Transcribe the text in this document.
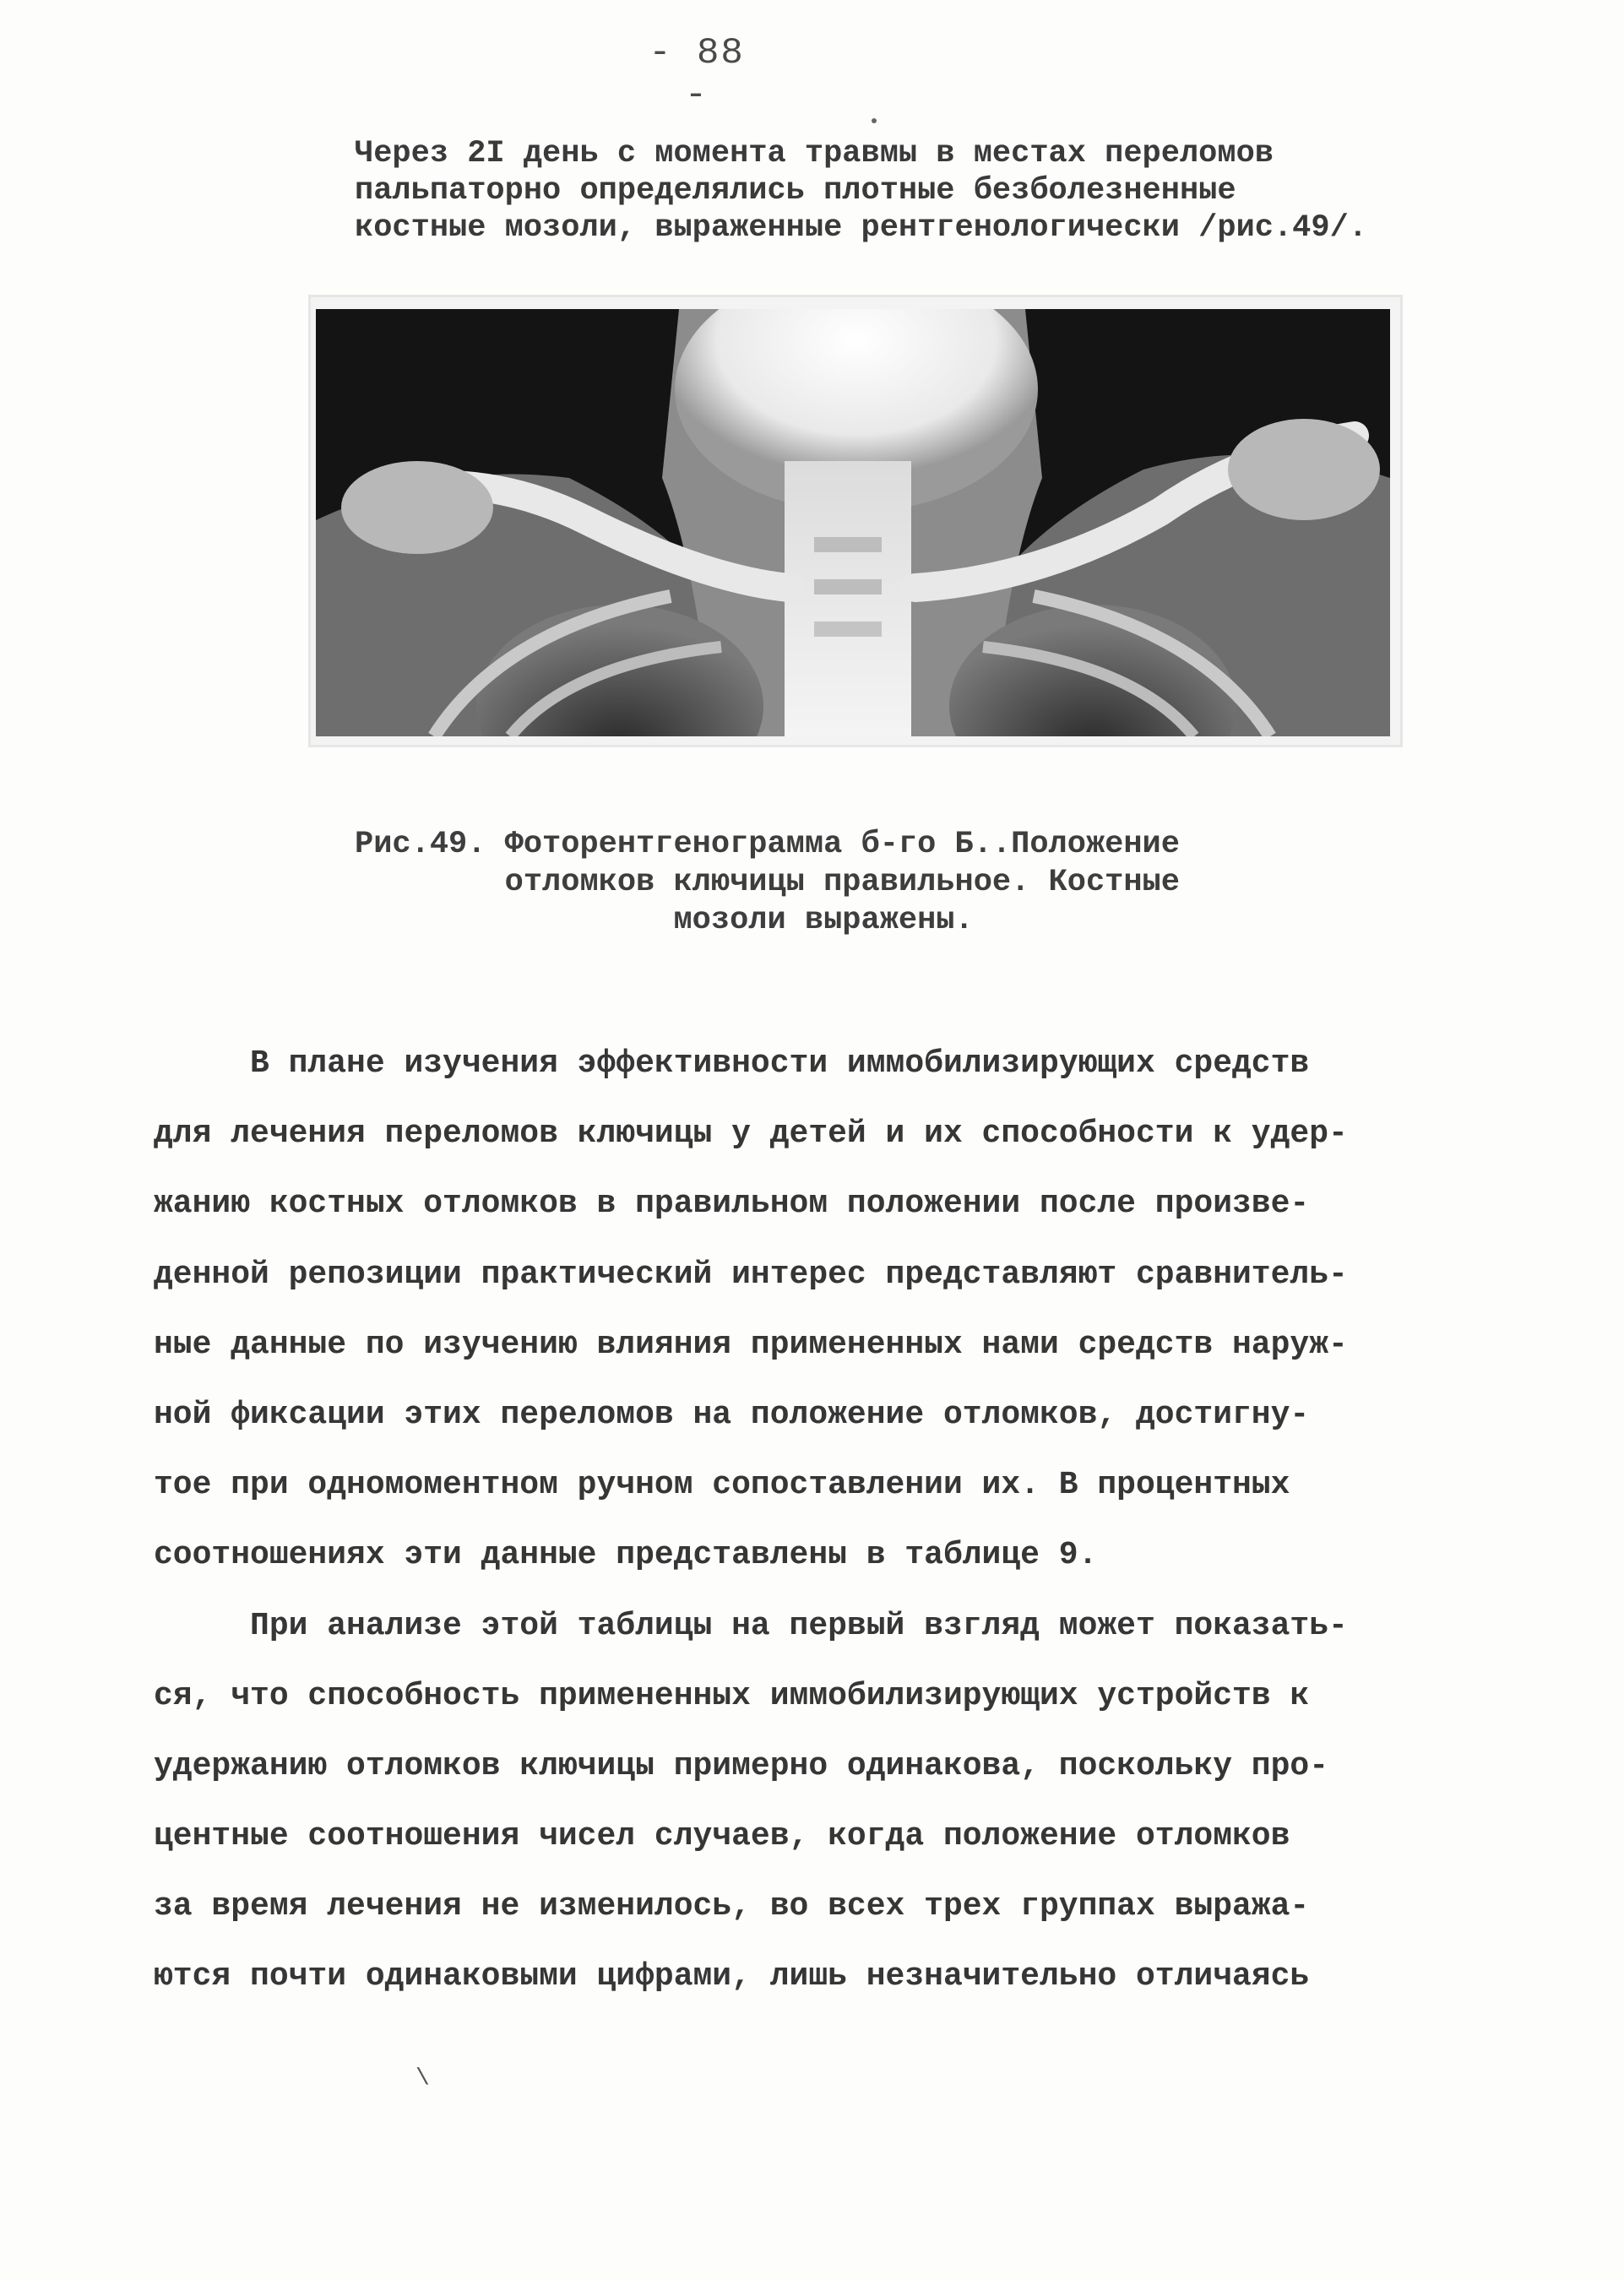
- 88 -
Через 2I день с момента травмы в местах переломов
пальпаторно определялись плотные безболезненные
костные мозоли, выраженные рентгенологически /рис.49/.
Рис.49. Фоторентгенограмма б-го Б..Положение
отломков ключицы правильное. Костные
мозоли выражены.
В плане изучения эффективности иммобилизирующих средств
для лечения переломов ключицы у детей и их способности к удер-
жанию костных отломков в правильном положении после произве-
денной репозиции практический интерес представляют сравнитель-
ные данные по изучению влияния примененных нами средств наруж-
ной фиксации этих переломов на положение отломков, достигну-
тое при одномоментном ручном сопоставлении их. В процентных
соотношениях эти данные представлены в таблице 9.
При анализе этой таблицы на первый взгляд может показать-
ся, что способность примененных иммобилизирующих устройств к
удержанию отломков ключицы примерно одинакова, поскольку про-
центные соотношения чисел случаев, когда положение отломков
за время лечения не изменилось, во всех трех группах выража-
ются почти одинаковыми цифрами, лишь незначительно отличаясь
\
